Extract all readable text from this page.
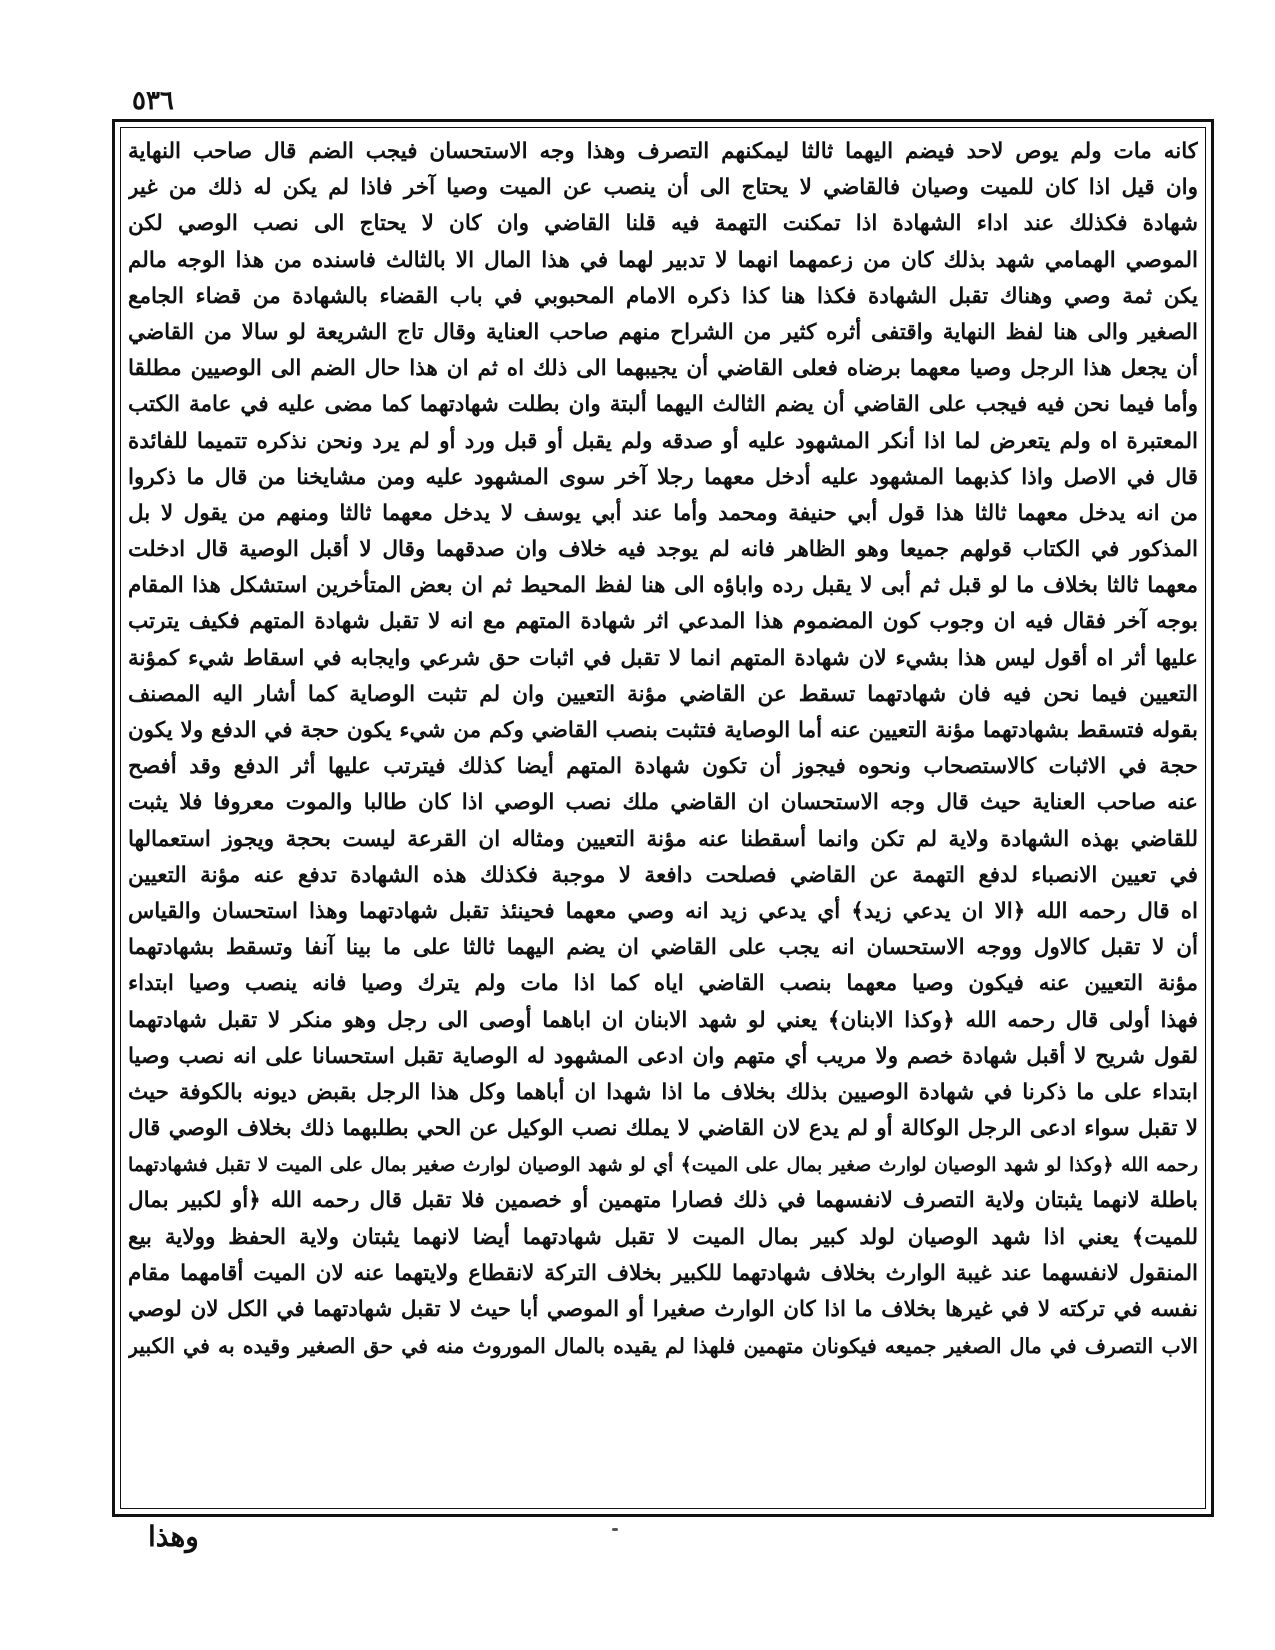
٥٣٦
كانه مات ولم يوص لاحد فيضم اليهما ثالثا ليمكنهم التصرف وهذا وجه الاستحسان فيجب الضم قال صاحب النهاية
وان قيل اذا كان للميت وصيان فالقاضي لا يحتاج الى أن ينصب عن الميت وصيا آخر فاذا لم يكن له ذلك من غير
شهادة فكذلك عند اداء الشهادة اذا تمكنت التهمة فيه قلنا القاضي وان كان لا يحتاج الى نصب الوصي لكن
الموصي الهمامي شهد بذلك كان من زعمهما انهما لا تدبير لهما في هذا المال الا بالثالث فاسنده من هذا الوجه مالم
يكن ثمة وصي وهناك تقبل الشهادة فكذا هنا كذا ذكره الامام المحبوبي في باب القضاء بالشهادة من قضاء الجامع
الصغير والى هنا لفظ النهاية واقتفى أثره كثير من الشراح منهم صاحب العناية وقال تاج الشريعة لو سالا من القاضي
أن يجعل هذا الرجل وصيا معهما برضاه فعلى القاضي أن يجيبهما الى ذلك اه ثم ان هذا حال الضم الى الوصيين مطلقا
وأما فيما نحن فيه فيجب على القاضي أن يضم الثالث اليهما ألبتة وان بطلت شهادتهما كما مضى عليه في عامة الكتب
المعتبرة اه ولم يتعرض لما اذا أنكر المشهود عليه أو صدقه ولم يقبل أو قبل ورد أو لم يرد ونحن نذكره تتميما للفائدة
قال في الاصل واذا كذبهما المشهود عليه أدخل معهما رجلا آخر سوى المشهود عليه ومن مشايخنا من قال ما ذكروا
من انه يدخل معهما ثالثا هذا قول أبي حنيفة ومحمد وأما عند أبي يوسف لا يدخل معهما ثالثا ومنهم من يقول لا بل
المذكور في الكتاب قولهم جميعا وهو الظاهر فانه لم يوجد فيه خلاف وان صدقهما وقال لا أقبل الوصية قال ادخلت
معهما ثالثا بخلاف ما لو قبل ثم أبى لا يقبل رده واباؤه الى هنا لفظ المحيط ثم ان بعض المتأخرين استشكل هذا المقام
بوجه آخر فقال فيه ان وجوب كون المضموم هذا المدعي اثر شهادة المتهم مع انه لا تقبل شهادة المتهم فكيف يترتب
عليها أثر اه أقول ليس هذا بشيء لان شهادة المتهم انما لا تقبل في اثبات حق شرعي وايجابه في اسقاط شيء كمؤنة
التعيين فيما نحن فيه فان شهادتهما تسقط عن القاضي مؤنة التعيين وان لم تثبت الوصاية كما أشار اليه المصنف
بقوله فتسقط بشهادتهما مؤنة التعيين عنه أما الوصاية فتثبت بنصب القاضي وكم من شيء يكون حجة في الدفع ولا يكون
حجة في الاثبات كالاستصحاب ونحوه فيجوز أن تكون شهادة المتهم أيضا كذلك فيترتب عليها أثر الدفع وقد أفصح
عنه صاحب العناية حيث قال وجه الاستحسان ان القاضي ملك نصب الوصي اذا كان طالبا والموت معروفا فلا يثبت
للقاضي بهذه الشهادة ولاية لم تكن وانما أسقطنا عنه مؤنة التعيين ومثاله ان القرعة ليست بحجة ويجوز استعمالها
في تعيين الانصباء لدفع التهمة عن القاضي فصلحت دافعة لا موجبة فكذلك هذه الشهادة تدفع عنه مؤنة التعيين
اه قال رحمه الله ﴿الا ان يدعي زيد﴾ أي يدعي زيد انه وصي معهما فحينئذ تقبل شهادتهما وهذا استحسان والقياس
أن لا تقبل كالاول ووجه الاستحسان انه يجب على القاضي ان يضم اليهما ثالثا على ما بينا آنفا وتسقط بشهادتهما
مؤنة التعيين عنه فيكون وصيا معهما بنصب القاضي اياه كما اذا مات ولم يترك وصيا فانه ينصب وصيا ابتداء
فهذا أولى قال رحمه الله ﴿وكذا الابنان﴾ يعني لو شهد الابنان ان اباهما أوصى الى رجل وهو منكر لا تقبل شهادتهما
لقول شريح لا أقبل شهادة خصم ولا مريب أي متهم وان ادعى المشهود له الوصاية تقبل استحسانا على انه نصب وصيا
ابتداء على ما ذكرنا في شهادة الوصيين بذلك بخلاف ما اذا شهدا ان أباهما وكل هذا الرجل بقبض ديونه بالكوفة حيث
لا تقبل سواء ادعى الرجل الوكالة أو لم يدع لان القاضي لا يملك نصب الوكيل عن الحي بطلبهما ذلك بخلاف الوصي قال
رحمه الله ﴿وكذا لو شهد الوصيان لوارث صغير بمال على الميت﴾ أي لو شهد الوصيان لوارث صغير بمال على الميت لا تقبل فشهادتهما
باطلة لانهما يثبتان ولاية التصرف لانفسهما في ذلك فصارا متهمين أو خصمين فلا تقبل قال رحمه الله ﴿أو لكبير بمال
للميت﴾ يعني اذا شهد الوصيان لولد كبير بمال الميت لا تقبل شهادتهما أيضا لانهما يثبتان ولاية الحفظ وولاية بيع
المنقول لانفسهما عند غيبة الوارث بخلاف شهادتهما للكبير بخلاف التركة لانقطاع ولايتهما عنه لان الميت أقامهما مقام
نفسه في تركته لا في غيرها بخلاف ما اذا كان الوارث صغيرا أو الموصي أبا حيث لا تقبل شهادتهما في الكل لان لوصي
الاب التصرف في مال الصغير جميعه فيكونان متهمين فلهذا لم يقيده بالمال الموروث منه في حق الصغير وقيده به في الكبير
وهذا
